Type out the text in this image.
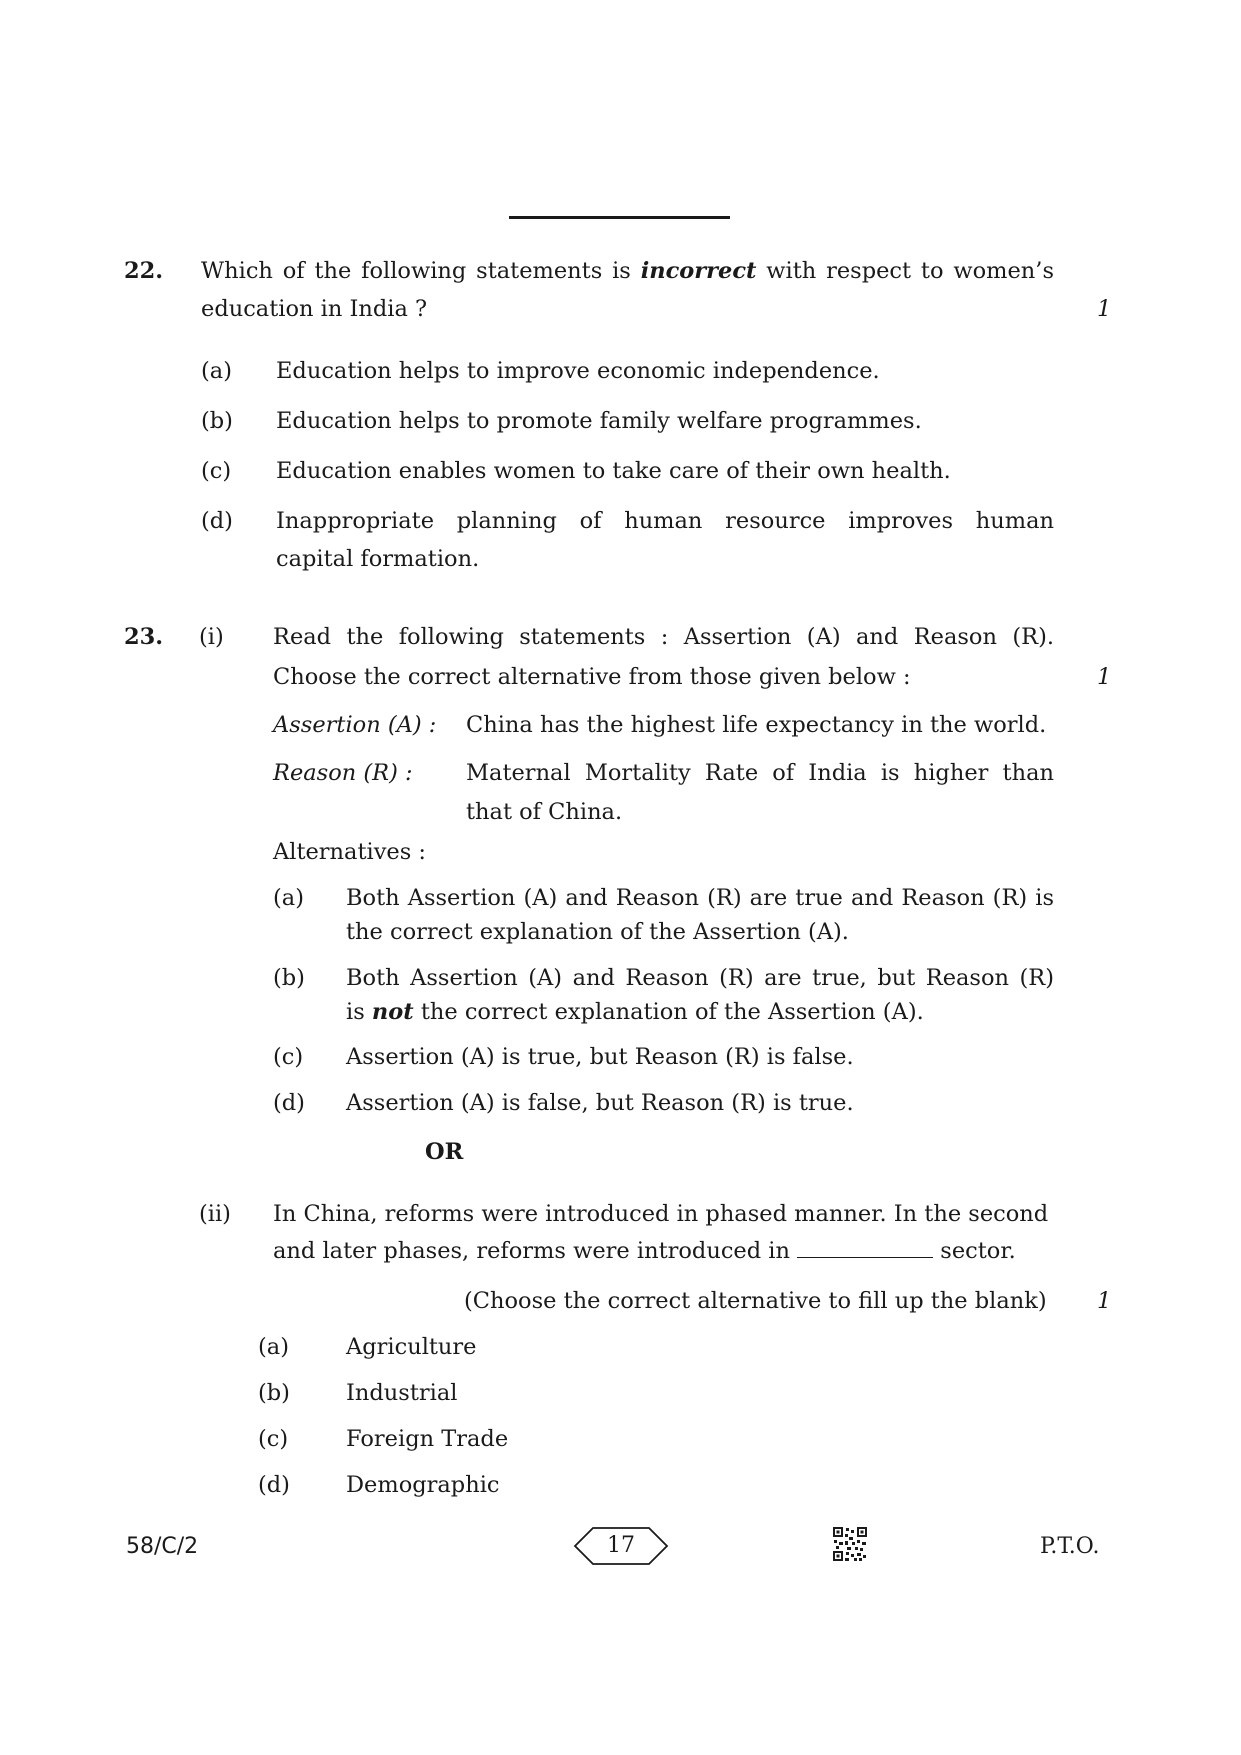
22. Which of the following statements is incorrect with respect to women’s
education in India ?	1
(a) Education helps to improve economic independence.
(b) Education helps to promote family welfare programmes.
(c) Education enables women to take care of their own health.
(d) Inappropriate planning of human resource improves human
capital formation.
23. (i) Read the following statements : Assertion (A) and Reason (R).
Choose the correct alternative from those given below :	1
Assertion (A) : China has the highest life expectancy in the world.
Reason (R) : Maternal Mortality Rate of India is higher than
that of China.
Alternatives :
(a) Both Assertion (A) and Reason (R) are true and Reason (R) is
the correct explanation of the Assertion (A).
(b) Both Assertion (A) and Reason (R) are true, but Reason (R)
is not the correct explanation of the Assertion (A).
(c) Assertion (A) is true, but Reason (R) is false.
(d) Assertion (A) is false, but Reason (R) is true.
OR
(ii) In China, reforms were introduced in phased manner. In the second
and later phases, reforms were introduced in	sector.
(Choose the correct alternative to fill up the blank) 1
(a)	Agriculture
(b) Industrial
(c)	Foreign Trade
(d) Demographic
58/C/2	17	P.T.O.
